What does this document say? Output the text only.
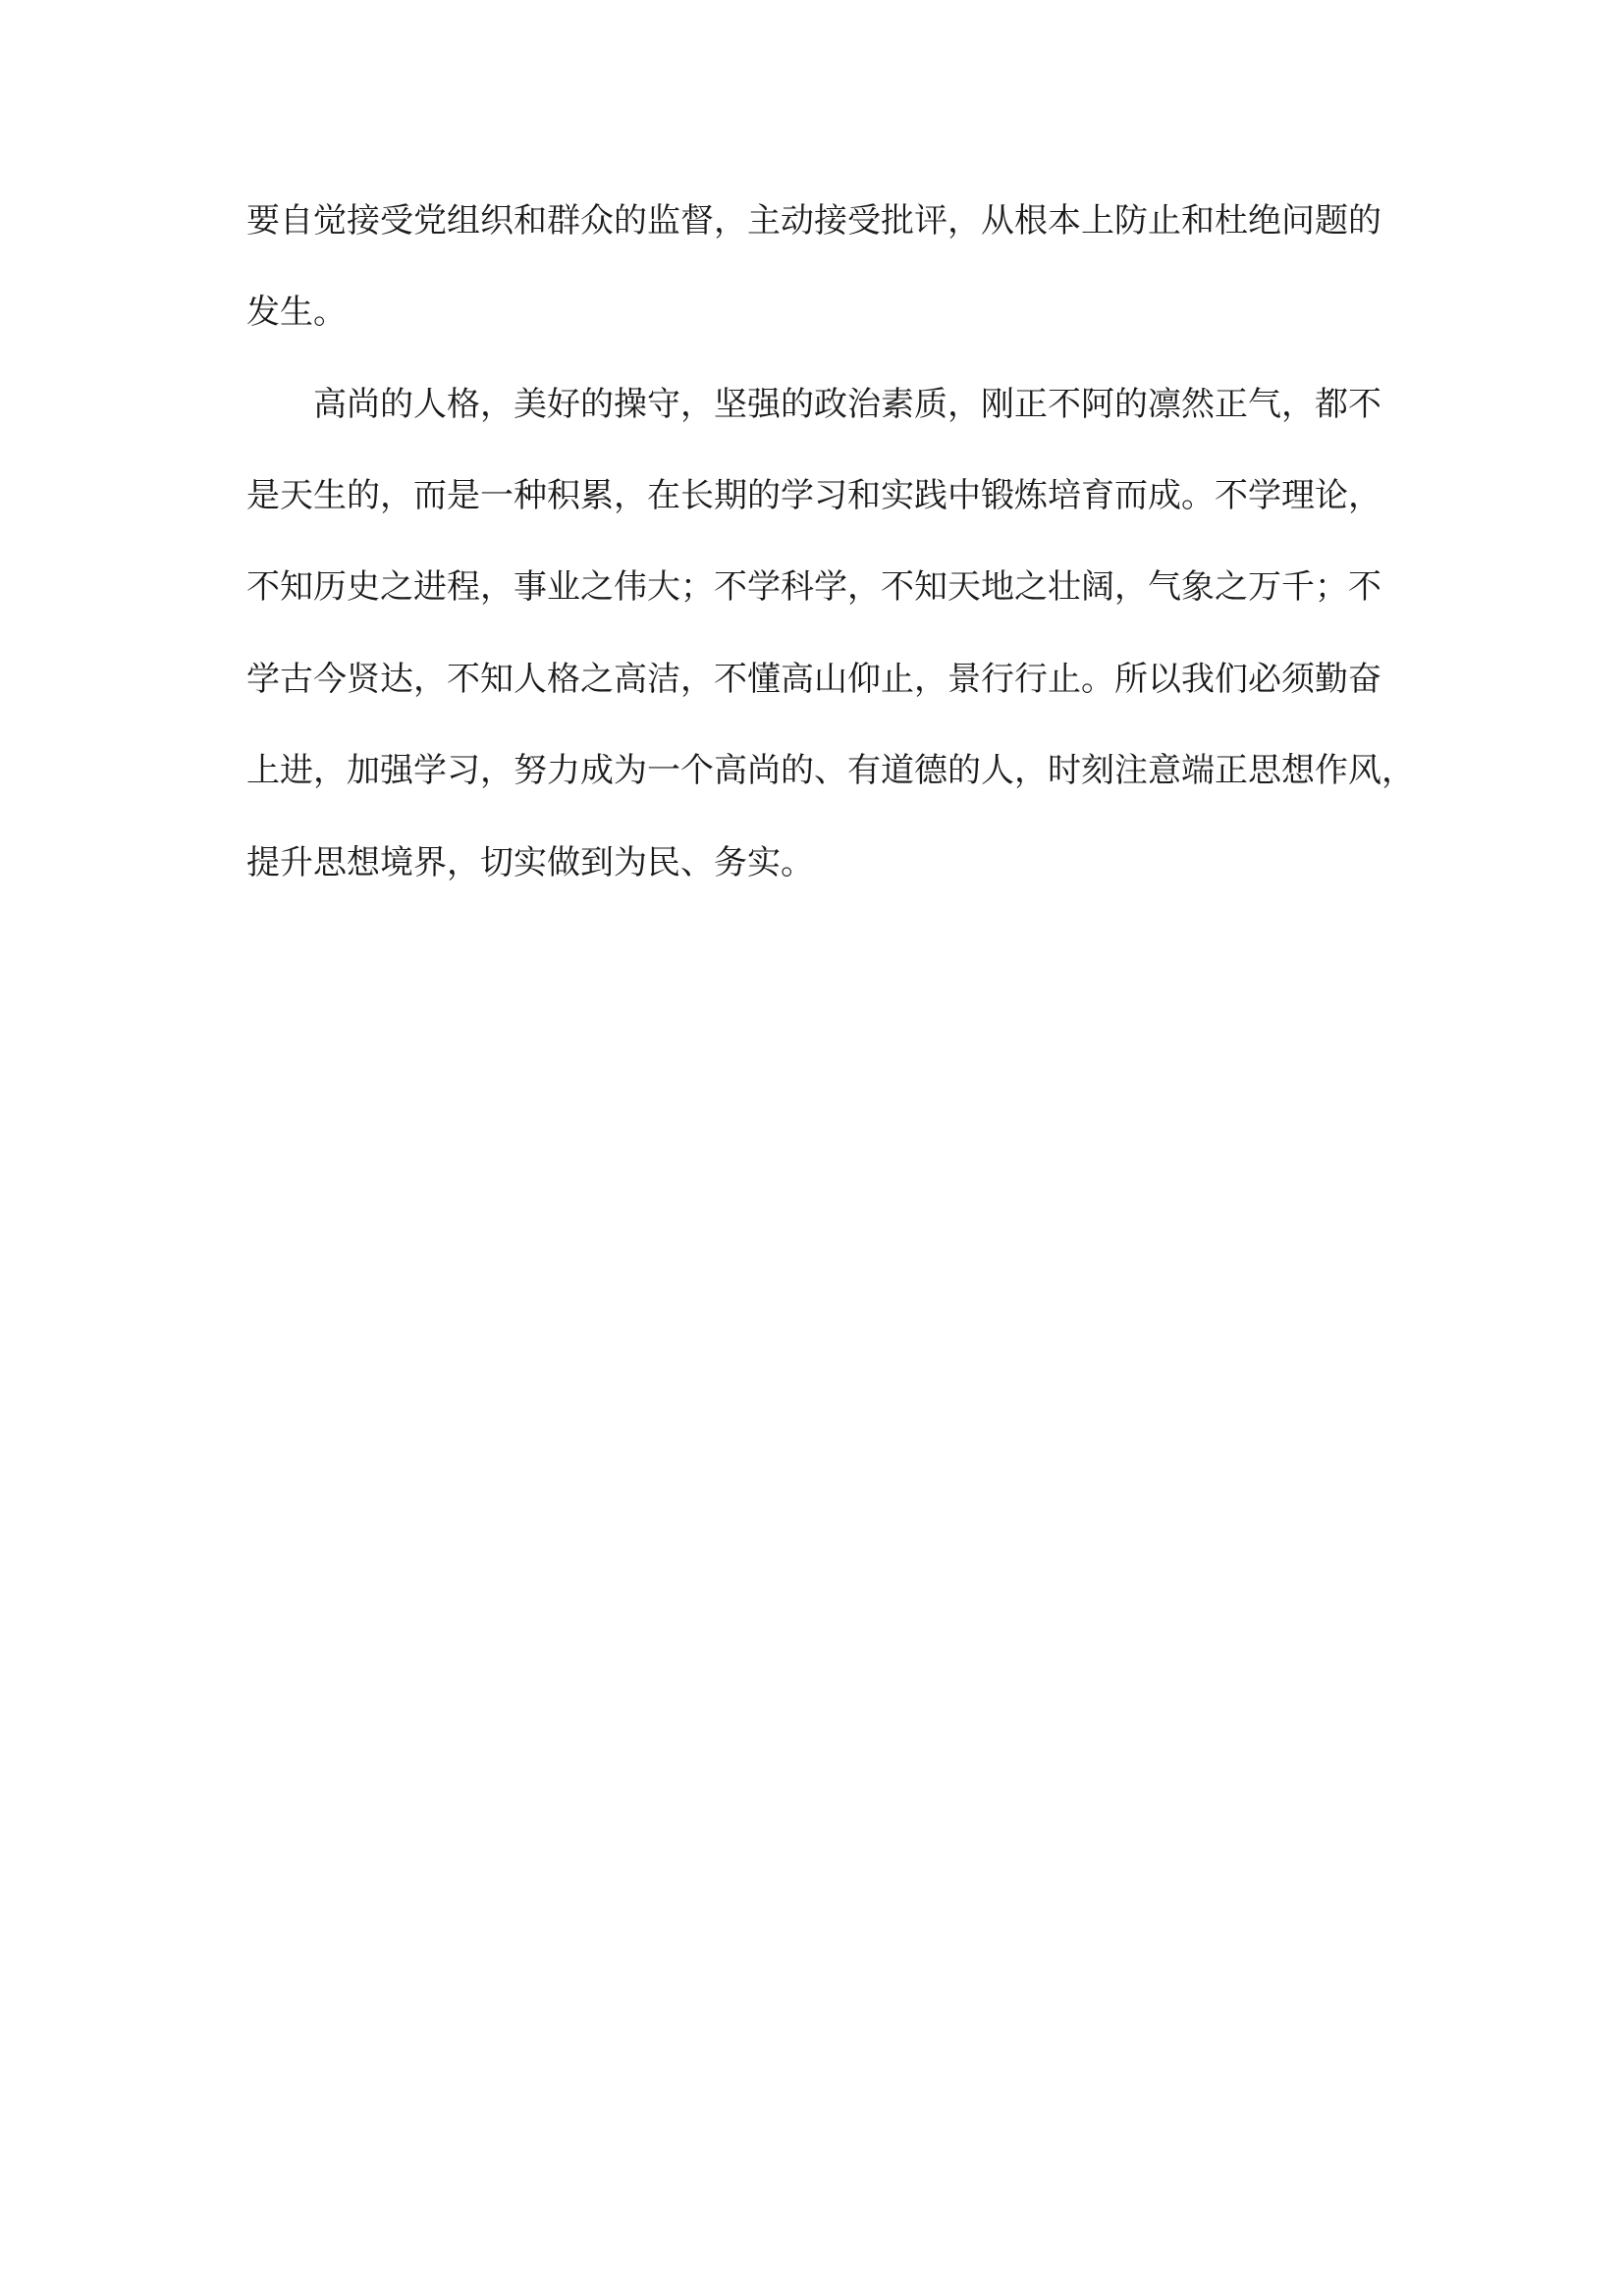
要自觉接受党组织和群众的监督，主动接受批评，从根本上防止和杜绝问题的

发生。

高尚的人格，美好的操守，坚强的政治素质，刚正不阿的凛然正气，都不

是天生的，而是一种积累，在长期的学习和实践中锻炼培育而成。不学理论，

不知历史之进程，事业之伟大；不学科学，不知天地之壮阔，气象之万千；不

学古今贤达，不知人格之高洁，不懂高山仰止，景行行止。所以我们必须勤奋

上进，加强学习，努力成为一个高尚的、有道德的人，时刻注意端正思想作风，

提升思想境界，切实做到为民、务实。
